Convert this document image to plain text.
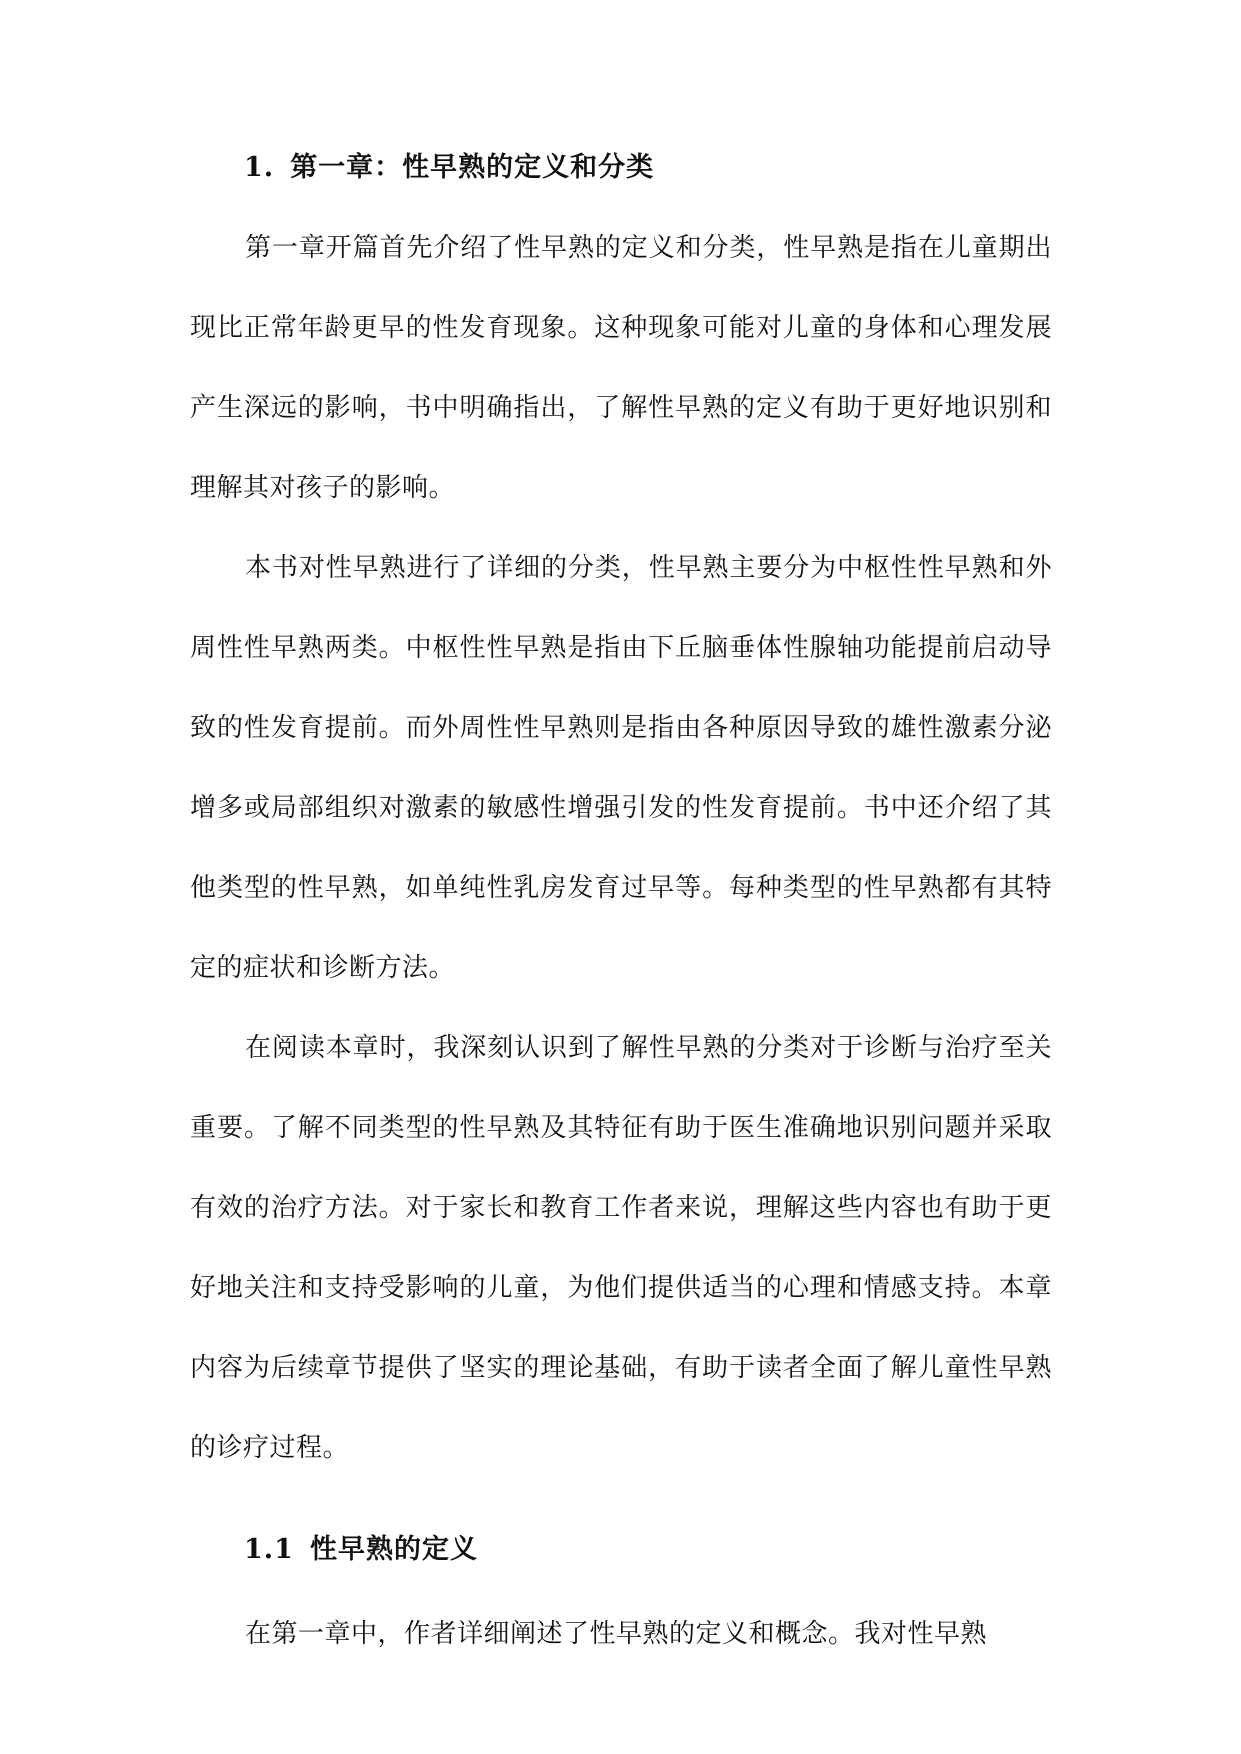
1. 第一章：性早熟的定义和分类

第一章开篇首先介绍了性早熟的定义和分类，性早熟是指在儿童期出现比正常年龄更早的性发育现象。这种现象可能对儿童的身体和心理发展产生深远的影响，书中明确指出，了解性早熟的定义有助于更好地识别和理解其对孩子的影响。

本书对性早熟进行了详细的分类，性早熟主要分为中枢性性早熟和外周性性早熟两类。中枢性性早熟是指由下丘脑垂体性腺轴功能提前启动导致的性发育提前。而外周性性早熟则是指由各种原因导致的雄性激素分泌增多或局部组织对激素的敏感性增强引发的性发育提前。书中还介绍了其他类型的性早熟，如单纯性乳房发育过早等。每种类型的性早熟都有其特定的症状和诊断方法。

在阅读本章时，我深刻认识到了解性早熟的分类对于诊断与治疗至关重要。了解不同类型的性早熟及其特征有助于医生准确地识别问题并采取有效的治疗方法。对于家长和教育工作者来说，理解这些内容也有助于更好地关注和支持受影响的儿童，为他们提供适当的心理和情感支持。本章内容为后续章节提供了坚实的理论基础，有助于读者全面了解儿童性早熟的诊疗过程。

1.1 性早熟的定义

在第一章中，作者详细阐述了性早熟的定义和概念。我对性早熟
